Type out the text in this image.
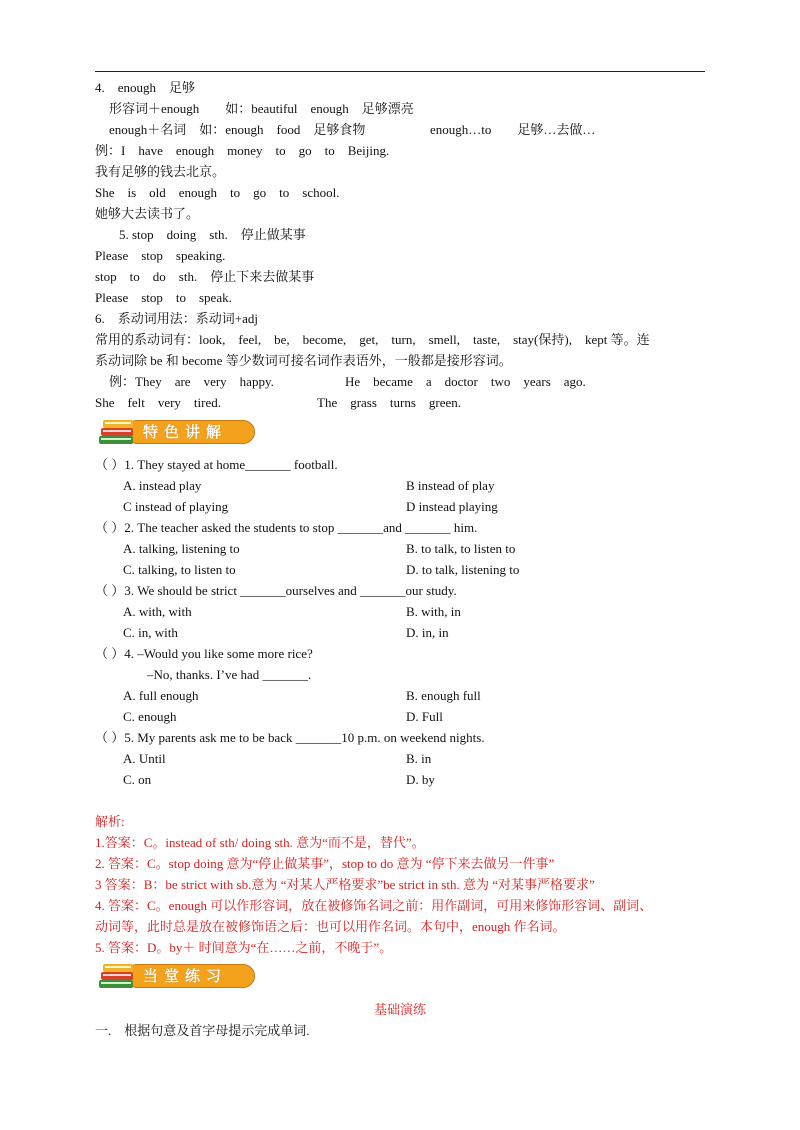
4.　enough　足够
形容词＋enough　　如：beautiful　enough　足够漂亮
enough＋名词　如：enough　food　足够食物	enough…to　　足够…去做…
例：I　have　enough　money　to　go　to　Beijing.
我有足够的钱去北京。
She　is　old　enough　to　go　to　school.
她够大去读书了。
5. stop　doing　sth.　停止做某事
Please　stop　speaking.
stop　to　do　sth.　停止下来去做某事
Please　stop　to　speak.
6.　系动词用法：系动词+adj
常用的系动词有：look,　feel,　be,　become,　get,　turn,　smell,　taste,　stay(保持),　kept 等。连
系动词除 be 和 become 等少数词可接名词作表语外，一般都是接形容词。
例：They　are　very　happy.	He　became　a　doctor　two　years　ago.
She　felt　very　tired.	The　grass　turns　green.
特色讲解
（ ）1. They stayed at home_______ football.
A. instead play	B instead of play
C instead of playing	D instead playing
（ ）2. The teacher asked the students to stop _______and _______ him.
A. talking, listening to	B. to talk, to listen to
C. talking, to listen to	D. to talk, listening to
（ ）3. We should be strict _______ourselves and _______our study.
A. with, with	B. with, in
C. in, with	D. in, in
（ ）4. –Would you like some more rice?
–No, thanks. I’ve had _______.
A. full enough	B. enough full
C. enough	D. Full
（ ）5. My parents ask me to be back _______10 p.m. on weekend nights.
A. Until	B. in
C. on	D. by
解析:
1.答案：C。instead of sth/ doing sth. 意为“而不是，替代”。
2. 答案：C。stop doing 意为“停止做某事”，stop to do 意为 “停下来去做另一件事”
3 答案：B：be strict with sb.意为 “对某人严格要求”be strict in sth. 意为 “对某事严格要求”
4. 答案：C。enough 可以作形容词，放在被修饰名词之前：用作副词，可用来修饰形容词、副词、
动词等，此时总是放在被修饰语之后：也可以用作名词。本句中，enough 作名词。
5. 答案：D。by＋ 时间意为“在……之前，不晚于”。
当堂练习
基础演练
一.　根据句意及首字母提示完成单词.
